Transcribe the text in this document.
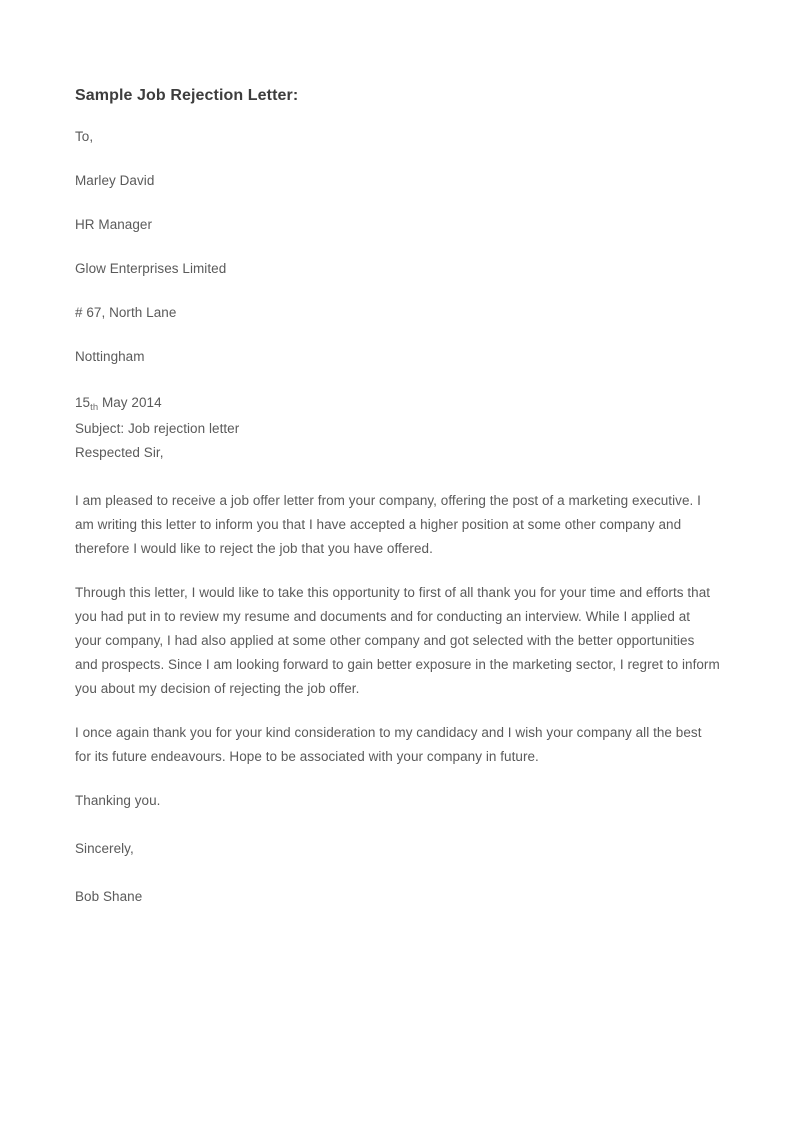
Sample Job Rejection Letter:

To,

Marley David

HR Manager

Glow Enterprises Limited

# 67, North Lane

Nottingham

$15_{th}$ May 2014

Subject: Job rejection letter

Respected Sir,

I am pleased to receive a job offer letter from your company, offering the post of a marketing executive. I am writing this letter to inform you that I have accepted a higher position at some other company and therefore I would like to reject the job that you have offered.

Through this letter, I would like to take this opportunity to first of all thank you for your time and efforts that you had put in to review my resume and documents and for conducting an interview. While I applied at your company, I had also applied at some other company and got selected with the better opportunities and prospects. Since I am looking forward to gain better exposure in the marketing sector, I regret to inform you about my decision of rejecting the job offer.

I once again thank you for your kind consideration to my candidacy and I wish your company all the best for its future endeavours. Hope to be associated with your company in future.

Thanking you.

Sincerely,

Bob Shane
